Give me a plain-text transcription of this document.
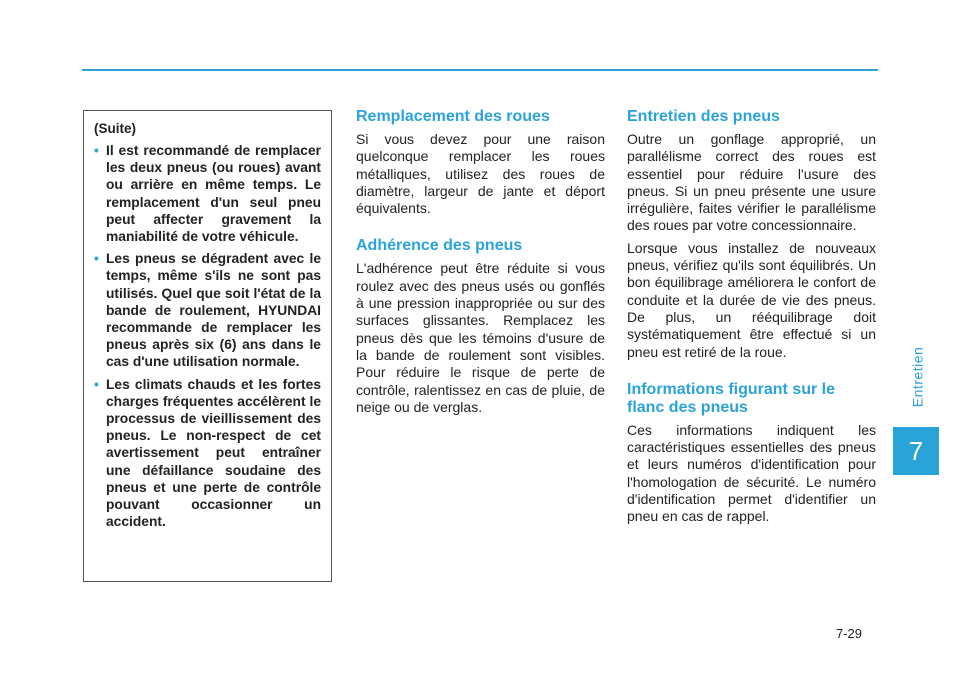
Entretien
7
(Suite)
• Il est recommandé de remplacer les deux pneus (ou roues) avant ou arrière en même temps. Le remplacement d'un seul pneu peut affecter gravement la maniabilité de votre véhicule.
• Les pneus se dégradent avec le temps, même s'ils ne sont pas utilisés. Quel que soit l'état de la bande de roulement, HYUNDAI recommande de remplacer les pneus après six (6) ans dans le cas d'une utilisation normale.
• Les climats chauds et les fortes charges fréquentes accélèrent le processus de vieillissement des pneus. Le non-respect de cet avertissement peut entraîner une défaillance soudaine des pneus et une perte de contrôle pouvant occasionner un accident.
Remplacement des roues

Si vous devez pour une raison quelconque remplacer les roues métalliques, utilisez des roues de diamètre, largeur de jante et déport équivalents.

Adhérence des pneus

L'adhérence peut être réduite si vous roulez avec des pneus usés ou gonflés à une pression inappropriée ou sur des surfaces glissantes. Remplacez les pneus dès que les témoins d'usure de la bande de roulement sont visibles. Pour réduire le risque de perte de contrôle, ralentissez en cas de pluie, de neige ou de verglas.

Entretien des pneus

Outre un gonflage approprié, un parallélisme correct des roues est essentiel pour réduire l'usure des pneus. Si un pneu présente une usure irrégulière, faites vérifier le parallélisme des roues par votre concessionnaire.

Lorsque vous installez de nouveaux pneus, vérifiez qu'ils sont équilibrés. Un bon équilibrage améliorera le confort de conduite et la durée de vie des pneus. De plus, un rééquilibrage doit systématiquement être effectué si un pneu est retiré de la roue.

Informations figurant sur le flanc des pneus

Ces informations indiquent les caractéristiques essentielles des pneus et leurs numéros d'identification pour l'homologation de sécurité. Le numéro d'identification permet d'identifier un pneu en cas de rappel.

7-29
